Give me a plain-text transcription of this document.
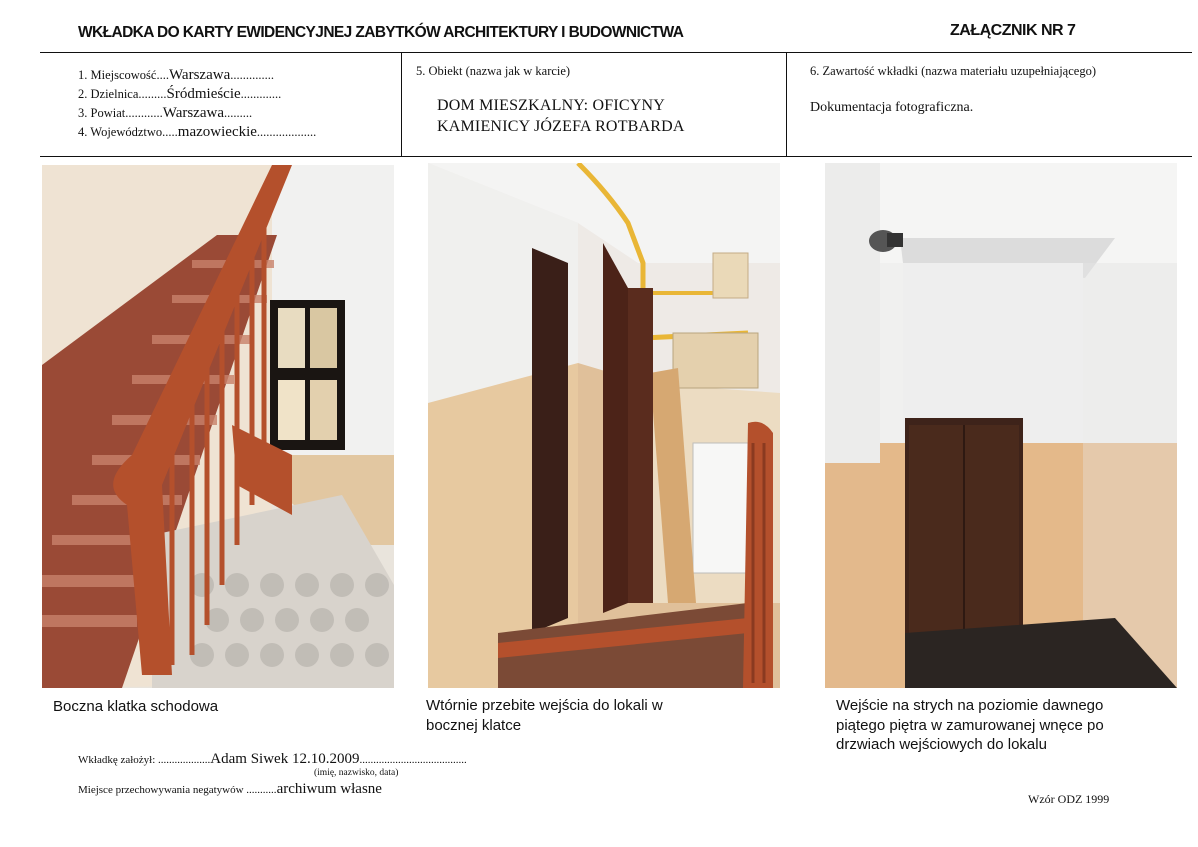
WKŁADKA DO KARTY EWIDENCYJNEJ ZABYTKÓW ARCHITEKTURY I BUDOWNICTWA	ZAŁĄCZNIK NR 7
1. Miejscowość....Warszawa..............
2. Dzielnica.........Śródmieście.............
3. Powiat............Warszawa.........
4. Województwo.....mazowieckie...................
5. Obiekt (nazwa jak w karcie)
DOM MIESZKALNY: OFICYNY
KAMIENICY JÓZEFA ROTBARDA
6. Zawartość wkładki (nazwa materiału uzupełniającego)
Dokumentacja fotograficzna.
Boczna klatka schodowa	Wtórnie przebite wejścia do lokali w
bocznej klatce
Wejście na strych na poziomie dawnego
piątego piętra w zamurowanej wnęce po
drzwiach wejściowych do lokalu
Wkładkę założył: ...................Adam Siwek 12.10.2009.......................................
(imię, nazwisko, data)
Miejsce przechowywania negatywów ...........archiwum własne
Wzór ODZ 1999
